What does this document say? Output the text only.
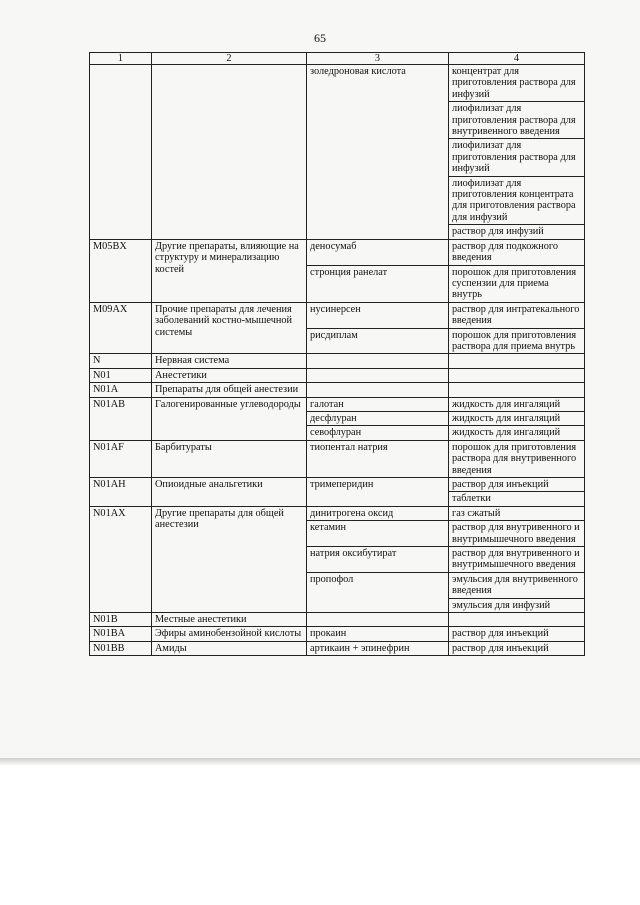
65
1	2	3	4
		золедроновая кислота	концентрат для приготовления раствора для инфузий
			лиофилизат для приготовления раствора для внутривенного введения
			лиофилизат для приготовления раствора для инфузий
			лиофилизат для приготовления концентрата для приготовления раствора для инфузий
			раствор для инфузий
M05BX	Другие препараты, влияющие на структуру и минерализацию костей	деносумаб	раствор для подкожного введения
		стронция ранелат	порошок для приготовления суспензии для приема внутрь
M09AX	Прочие препараты для лечения заболеваний костно-мышечной системы	нусинерсен	раствор для интратекального введения
		рисдиплам	порошок для приготовления раствора для приема внутрь
N	Нервная система		
N01	Анестетики		
N01A	Препараты для общей анестезии		
N01AB	Галогенированные углеводороды	галотан	жидкость для ингаляций
		десфлуран	жидкость для ингаляций
		севофлуран	жидкость для ингаляций
N01AF	Барбитураты	тиопентал натрия	порошок для приготовления раствора для внутривенного введения
N01AH	Опиоидные анальгетики	тримеперидин	раствор для инъекций
			таблетки
N01AX	Другие препараты для общей анестезии	динитрогена оксид	газ сжатый
		кетамин	раствор для внутривенного и внутримышечного введения
		натрия оксибутират	раствор для внутривенного и внутримышечного введения
		пропофол	эмульсия для внутривенного введения
			эмульсия для инфузий
N01B	Местные анестетики		
N01BA	Эфиры аминобензойной кислоты	прокаин	раствор для инъекций
N01BB	Амиды	артикаин + эпинефрин	раствор для инъекций
